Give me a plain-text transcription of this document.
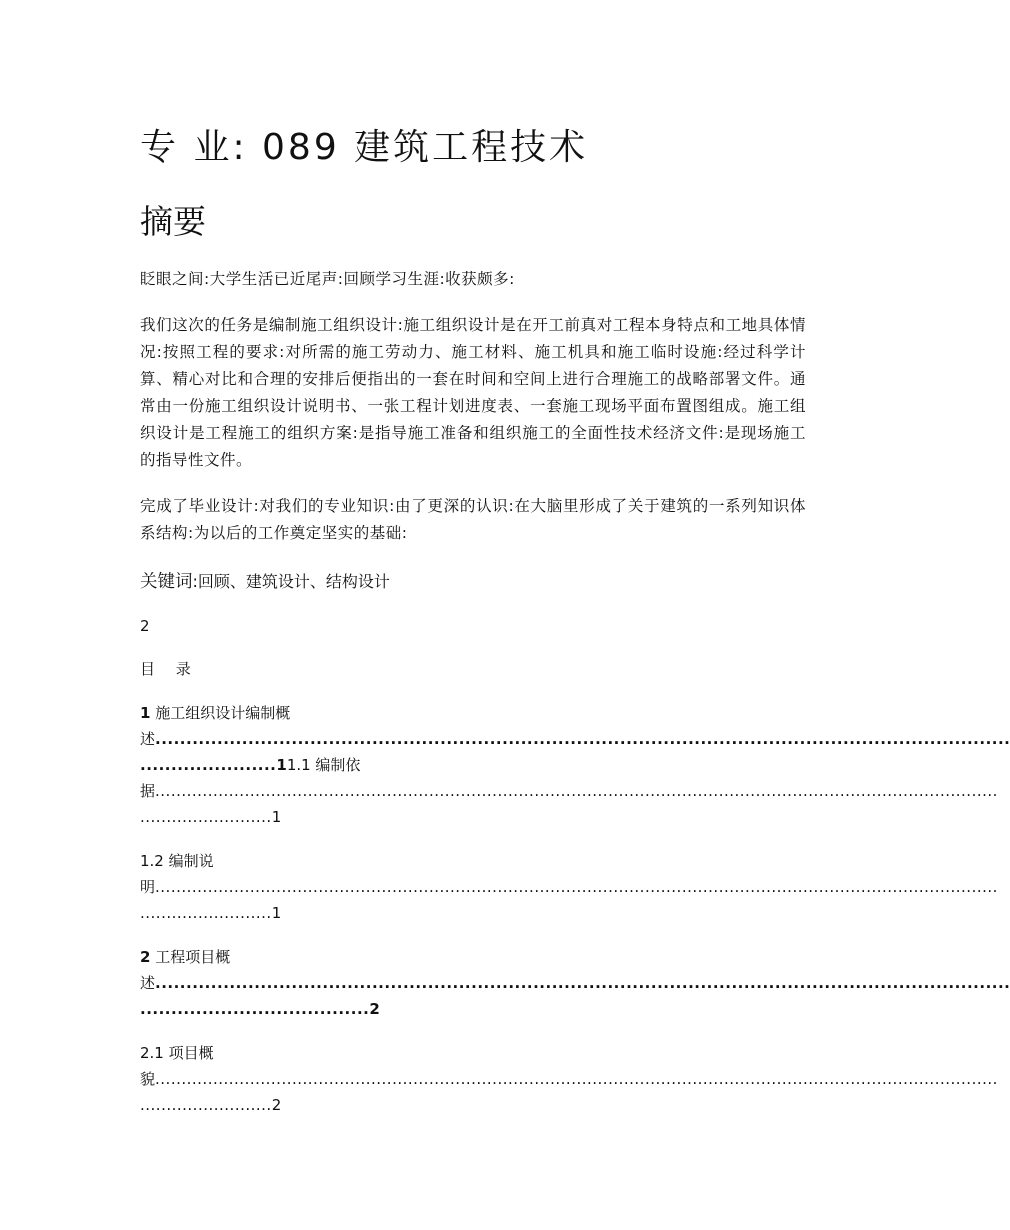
专 业: 089 建筑工程技术
摘要

眨眼之间:大学生活已近尾声:回顾学习生涯:收获颇多:

我们这次的任务是编制施工组织设计:施工组织设计是在开工前真对工程本身特点和工地具体情况:按照工程的要求:对所需的施工劳动力、施工材料、施工机具和施工临时设施:经过科学计算、精心对比和合理的安排后便指出的一套在时间和空间上进行合理施工的战略部署文件。通常由一份施工组织设计说明书、一张工程计划进度表、一套施工现场平面布置图组成。施工组织设计是工程施工的组织方案:是指导施工准备和组织施工的全面性技术经济文件:是现场施工的指导性文件。

完成了毕业设计:对我们的专业知识:由了更深的认识:在大脑里形成了关于建筑的一系列知识体系结构:为以后的工作奠定坚实的基础:

关键词:回顾、建筑设计、结构设计
2
目 录
1 施工组织设计编制概
述..........................................................................................................................................
......................11.1 编制依
据................................................................................................................................................................
.........................1
1.2 编制说
明................................................................................................................................................................
.........................1
2 工程项目概
述..........................................................................................................................................
.....................................2
2.1 项目概
貌................................................................................................................................................................
.........................2
